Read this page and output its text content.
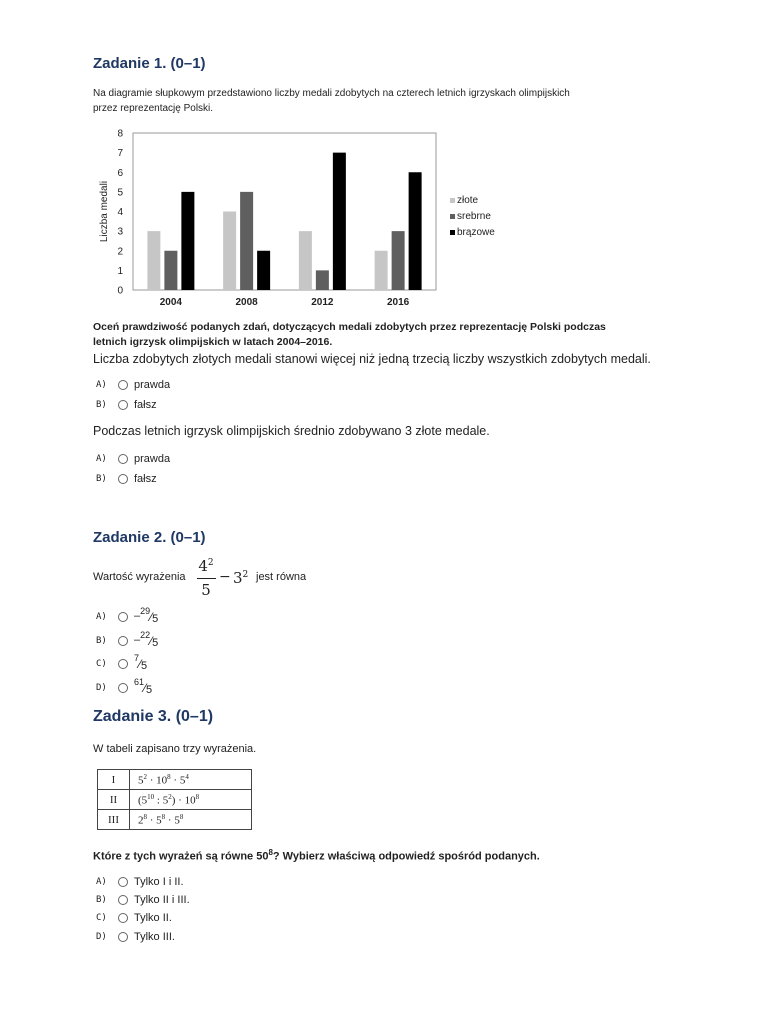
Zadanie 1. (0–1)
Na diagramie słupkowym przedstawiono liczby medali zdobytych na czterech letnich igrzyskach olimpijskich
przez reprezentację Polski.
0
1
2
3
4
5
6
7
8
Liczba medali
2004	2008	2012	2016
złote
srebrne
brązowe
Oceń prawdziwość podanych zdań, dotyczących medali zdobytych przez reprezentację Polski podczas
letnich igrzysk olimpijskich w latach 2004–2016.
Liczba zdobytych złotych medali stanowi więcej niż jedną trzecią liczby wszystkich zdobytych medali.
A)	prawda
B)	fałsz
Podczas letnich igrzysk olimpijskich średnio zdobywano 3 złote medale.
A)	prawda
B)	fałsz
Zadanie 2. (0–1)
Wartość wyrażenia
$4^2$
5
− $3^2$ jest równa
A)	– $^{29}$ $⁄_5$
B)	– $^{22}$ $⁄_5$
C)
$^7$ $⁄_5$
D)
$^{61}$ $⁄_5$
Zadanie 3. (0–1)
W tabeli zapisano trzy wyrażenia.
I	$5^2 \cdot 10^8 \cdot 5^4$
II	($5^{10}$ : $5^2) \cdot 10^8$
III	$2^8 \cdot 5^8 \cdot 5^8$
Które z tych wyrażeń są równe $50^8$? Wybierz właściwą odpowiedź spośród podanych.
A)	Tylko I i II.
B)	Tylko II i III.
C)	Tylko II.
D)	Tylko III.
